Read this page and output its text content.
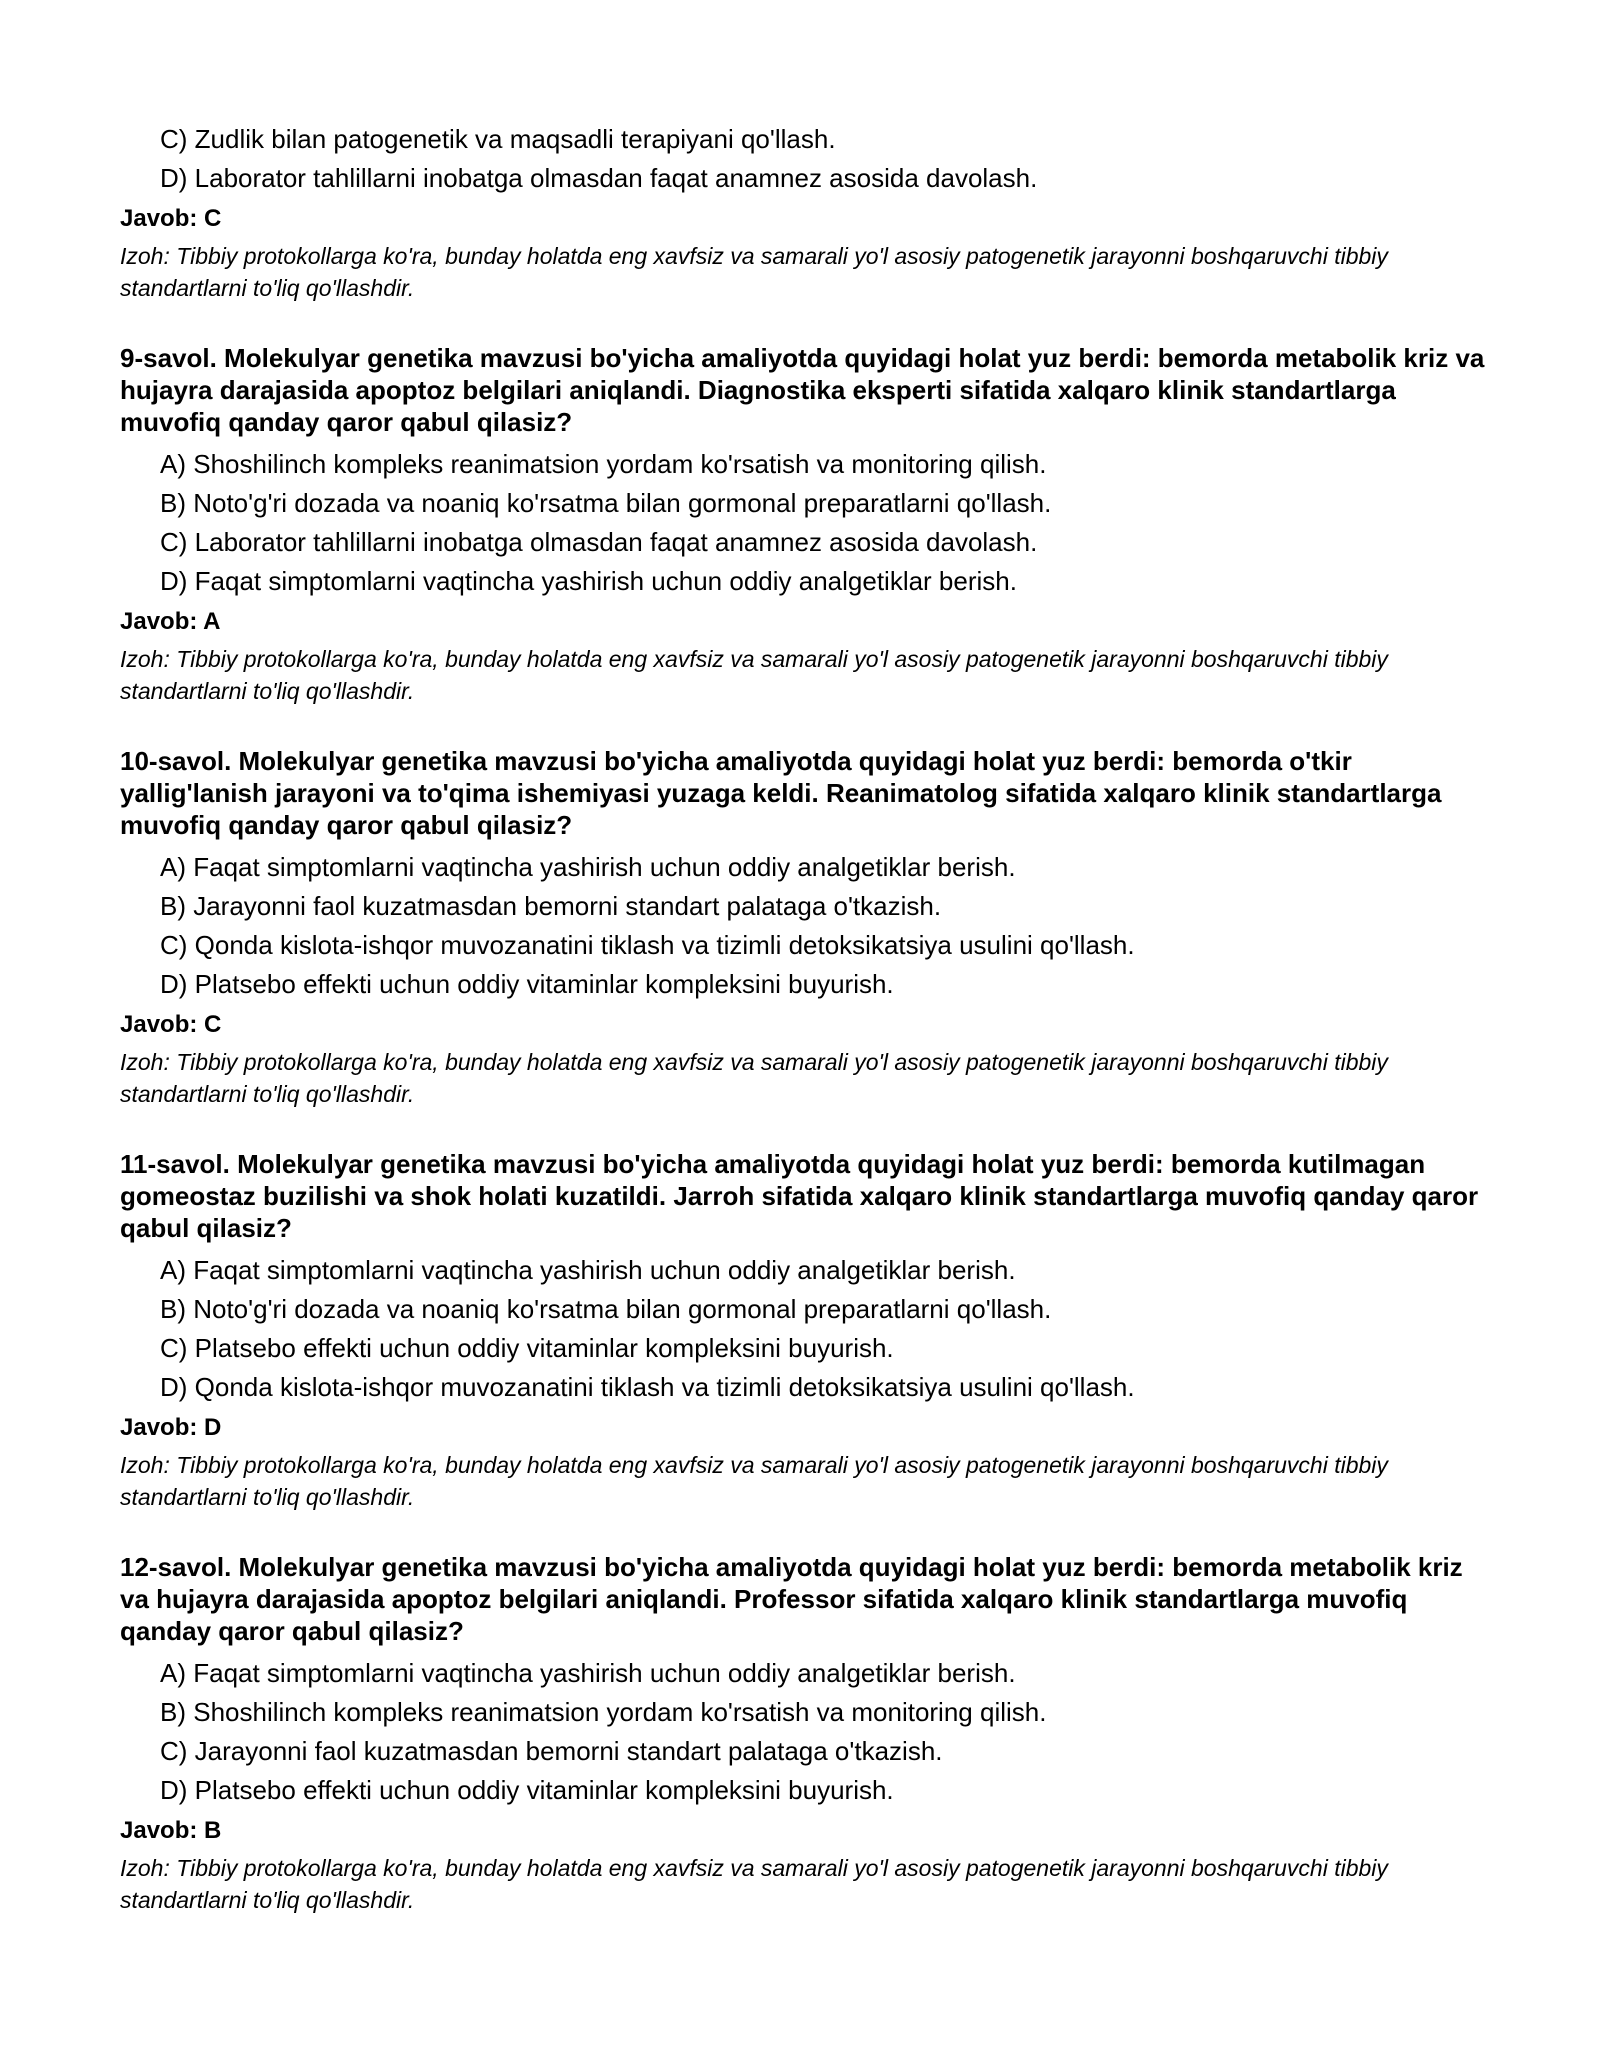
C) Zudlik bilan patogenetik va maqsadli terapiyani qo'llash.
D) Laborator tahlillarni inobatga olmasdan faqat anamnez asosida davolash.
Javob: C
Izoh: Tibbiy protokollarga ko'ra, bunday holatda eng xavfsiz va samarali yo'l asosiy patogenetik jarayonni boshqaruvchi tibbiy standartlarni to'liq qo'llashdir.
9-savol. Molekulyar genetika mavzusi bo'yicha amaliyotda quyidagi holat yuz berdi: bemorda metabolik kriz va hujayra darajasida apoptoz belgilari aniqlandi. Diagnostika eksperti sifatida xalqaro klinik standartlarga muvofiq qanday qaror qabul qilasiz?
A) Shoshilinch kompleks reanimatsion yordam ko'rsatish va monitoring qilish.
B) Noto'g'ri dozada va noaniq ko'rsatma bilan gormonal preparatlarni qo'llash.
C) Laborator tahlillarni inobatga olmasdan faqat anamnez asosida davolash.
D) Faqat simptomlarni vaqtincha yashirish uchun oddiy analgetiklar berish.
Javob: A
Izoh: Tibbiy protokollarga ko'ra, bunday holatda eng xavfsiz va samarali yo'l asosiy patogenetik jarayonni boshqaruvchi tibbiy standartlarni to'liq qo'llashdir.
10-savol. Molekulyar genetika mavzusi bo'yicha amaliyotda quyidagi holat yuz berdi: bemorda o'tkir yallig'lanish jarayoni va to'qima ishemiyasi yuzaga keldi. Reanimatolog sifatida xalqaro klinik standartlarga muvofiq qanday qaror qabul qilasiz?
A) Faqat simptomlarni vaqtincha yashirish uchun oddiy analgetiklar berish.
B) Jarayonni faol kuzatmasdan bemorni standart palataga o'tkazish.
C) Qonda kislota-ishqor muvozanatini tiklash va tizimli detoksikatsiya usulini qo'llash.
D) Platsebo effekti uchun oddiy vitaminlar kompleksini buyurish.
Javob: C
Izoh: Tibbiy protokollarga ko'ra, bunday holatda eng xavfsiz va samarali yo'l asosiy patogenetik jarayonni boshqaruvchi tibbiy standartlarni to'liq qo'llashdir.
11-savol. Molekulyar genetika mavzusi bo'yicha amaliyotda quyidagi holat yuz berdi: bemorda kutilmagan gomeostaz buzilishi va shok holati kuzatildi. Jarroh sifatida xalqaro klinik standartlarga muvofiq qanday qaror qabul qilasiz?
A) Faqat simptomlarni vaqtincha yashirish uchun oddiy analgetiklar berish.
B) Noto'g'ri dozada va noaniq ko'rsatma bilan gormonal preparatlarni qo'llash.
C) Platsebo effekti uchun oddiy vitaminlar kompleksini buyurish.
D) Qonda kislota-ishqor muvozanatini tiklash va tizimli detoksikatsiya usulini qo'llash.
Javob: D
Izoh: Tibbiy protokollarga ko'ra, bunday holatda eng xavfsiz va samarali yo'l asosiy patogenetik jarayonni boshqaruvchi tibbiy standartlarni to'liq qo'llashdir.
12-savol. Molekulyar genetika mavzusi bo'yicha amaliyotda quyidagi holat yuz berdi: bemorda metabolik kriz va hujayra darajasida apoptoz belgilari aniqlandi. Professor sifatida xalqaro klinik standartlarga muvofiq qanday qaror qabul qilasiz?
A) Faqat simptomlarni vaqtincha yashirish uchun oddiy analgetiklar berish.
B) Shoshilinch kompleks reanimatsion yordam ko'rsatish va monitoring qilish.
C) Jarayonni faol kuzatmasdan bemorni standart palataga o'tkazish.
D) Platsebo effekti uchun oddiy vitaminlar kompleksini buyurish.
Javob: B
Izoh: Tibbiy protokollarga ko'ra, bunday holatda eng xavfsiz va samarali yo'l asosiy patogenetik jarayonni boshqaruvchi tibbiy standartlarni to'liq qo'llashdir.
